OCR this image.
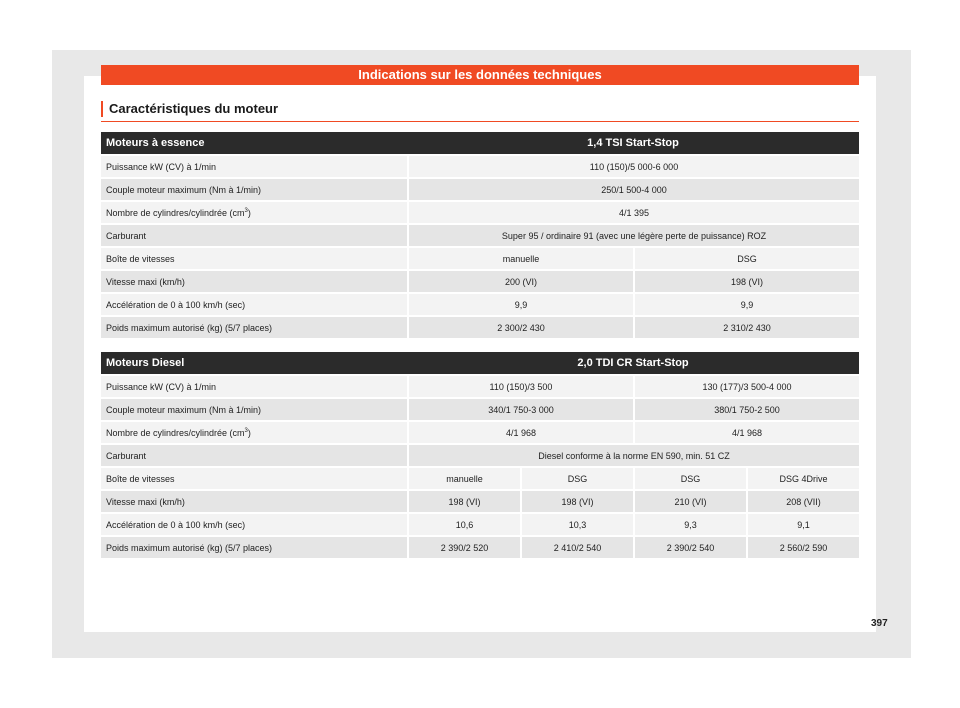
Indications sur les données techniques
Caractéristiques du moteur
Moteurs à essence	1,4 TSI Start-Stop	
Puissance kW (CV) à 1/min	110 (150)/5 000-6 000	
Couple moteur maximum (Nm à 1/min)	250/1 500-4 000	
Nombre de cylindres/cylindrée $(cm^3)$	4/1 395	
Carburant	Super 95 / ordinaire 91 (avec une légère perte de puissance) ROZ	
Boîte de vitesses	manuelle	DSG
Vitesse maxi (km/h)	200 (VI)	198 (VI)
Accélération de 0 à 100 km/h (sec)	9,9	9,9
Poids maximum autorisé (kg) (5/7 places)	2 300/2 430	2 310/2 430
Moteurs Diesel	2,0 TDI CR Start-Stop			
Puissance kW (CV) à 1/min	110 (150)/3 500		130 (177)/3 500-4 000	
Couple moteur maximum (Nm à 1/min)	340/1 750-3 000		380/1 750-2 500	
Nombre de cylindres/cylindrée $(cm^3)$	4/1 968		4/1 968	
Carburant	Diesel conforme à la norme EN 590, min. 51 CZ			
Boîte de vitesses	manuelle	DSG	DSG	DSG 4Drive
Vitesse maxi (km/h)	198 (VI)	198 (VI)	210 (VI)	208 (VII)
Accélération de 0 à 100 km/h (sec)	10,6	10,3	9,3	9,1
Poids maximum autorisé (kg) (5/7 places)	2 390/2 520	2 410/2 540	2 390/2 540	2 560/2 590
397
